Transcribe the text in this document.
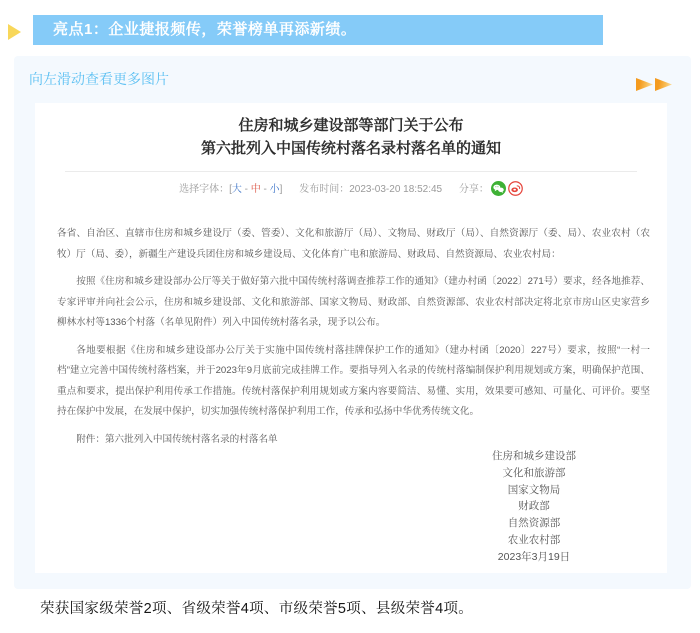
亮点1：企业捷报频传，荣誉榜单再添新绩。
向左滑动查看更多图片
住房和城乡建设部等部门关于公布
第六批列入中国传统村落名录村落名单的通知
选择字体：[大 - 中 - 小] 发布时间：2023-03-20 18:52:45 分享：

各省、自治区、直辖市住房和城乡建设厅（委、管委）、文化和旅游厅（局）、文物局、财政厅（局）、自然资源厅（委、局）、农业农村（农牧）厅（局、委），新疆生产建设兵团住房和城乡建设局、文化体育广电和旅游局、财政局、自然资源局、农业农村局：

按照《住房和城乡建设部办公厅等关于做好第六批中国传统村落调查推荐工作的通知》（建办村函〔2022〕271号）要求，经各地推荐、专家评审并向社会公示，住房和城乡建设部、文化和旅游部、国家文物局、财政部、自然资源部、农业农村部决定将北京市房山区史家营乡柳林水村等1336个村落（名单见附件）列入中国传统村落名录，现予以公布。

各地要根据《住房和城乡建设部办公厅关于实施中国传统村落挂牌保护工作的通知》（建办村函〔2020〕227号）要求，按照“一村一档”建立完善中国传统村落档案，并于2023年9月底前完成挂牌工作。要指导列入名录的传统村落编制保护利用规划或方案，明确保护范围、重点和要求，提出保护利用传承工作措施。传统村落保护利用规划或方案内容要简洁、易懂、实用，效果要可感知、可量化、可评价。要坚持在保护中发展，在发展中保护，切实加强传统村落保护利用工作，传承和弘扬中华优秀传统文化。

附件：第六批列入中国传统村落名录的村落名单

住房和城乡建设部
文化和旅游部
国家文物局
财政部
自然资源部
农业农村部
2023年3月19日
荣获国家级荣誉2项、省级荣誉4项、市级荣誉5项、县级荣誉4项。
